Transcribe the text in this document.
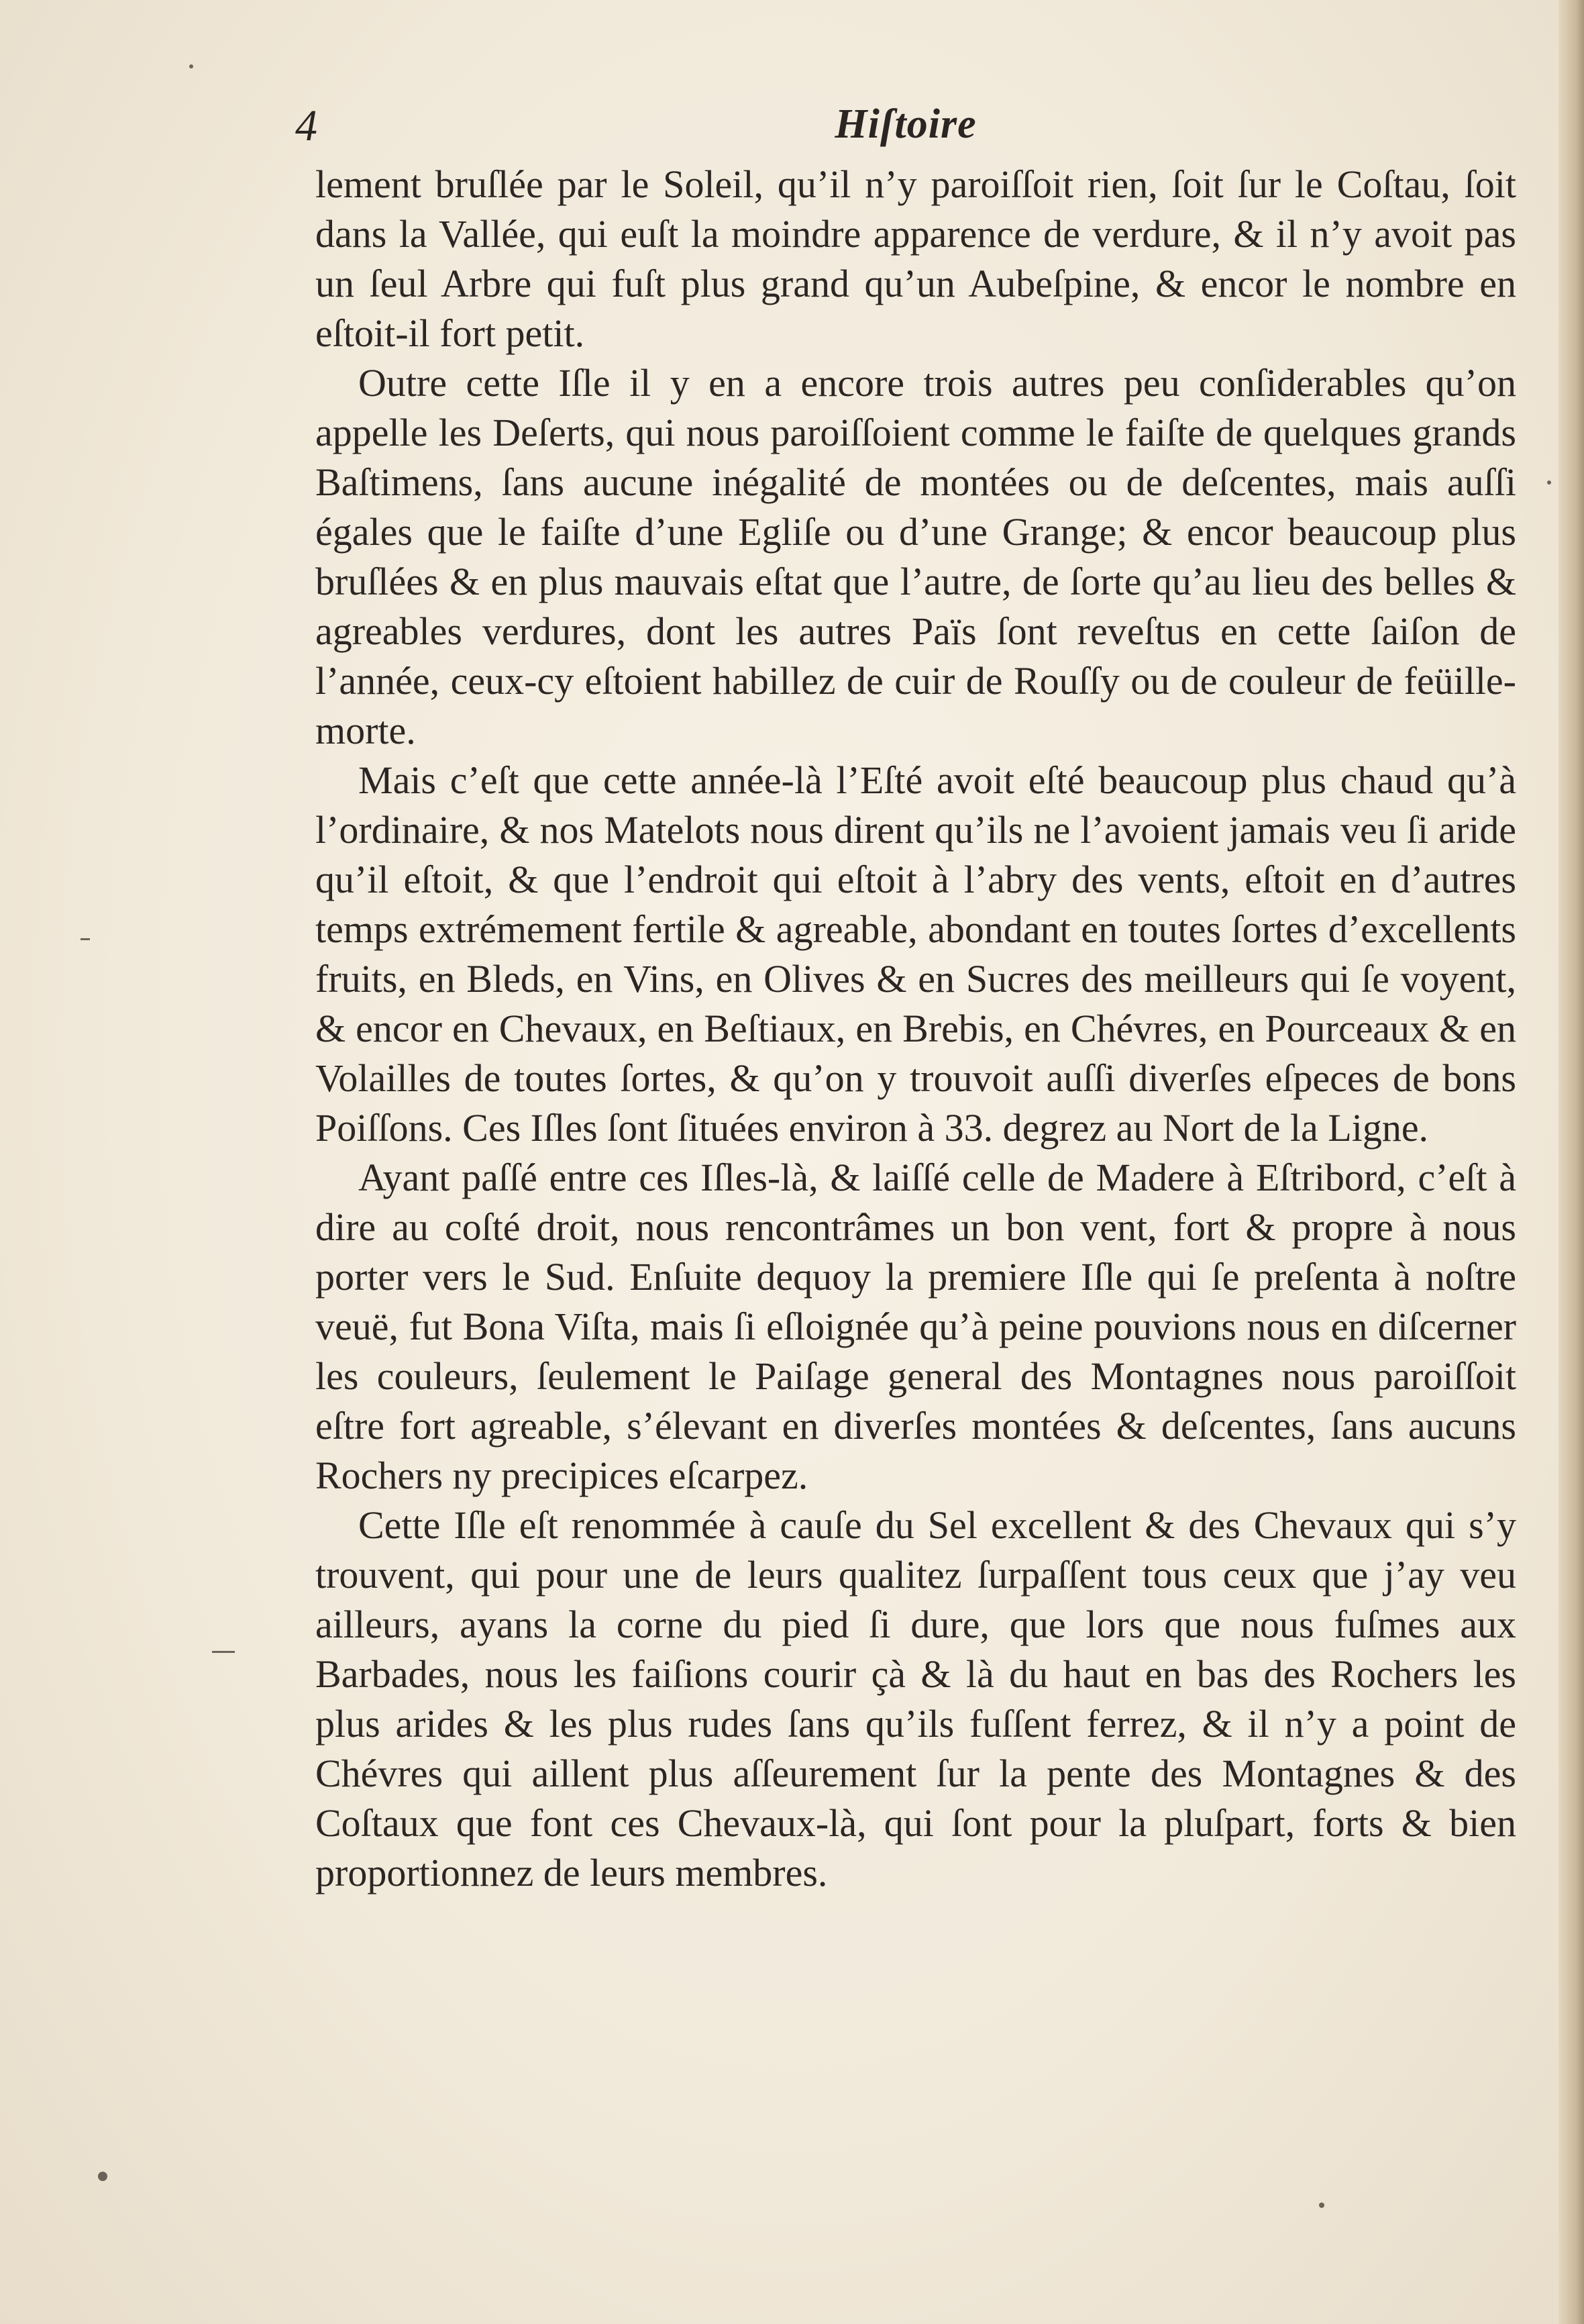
4	Hiſtoire

lement bruſlée par le Soleil, qu’il n’y paroiſſoit rien, ſoit ſur le Coſtau, ſoit dans la Vallée, qui euſt la moindre apparence de verdure, & il n’y avoit pas un ſeul Arbre qui fuſt plus grand qu’un Aubeſpine, & encor le nombre en eſtoit-il fort petit.

Outre cette Iſle il y en a encore trois autres peu conſiderables qu’on appelle les Deſerts, qui nous paroiſſoient comme le faiſte de quelques grands Baſtimens, ſans aucune inégalité de montées ou de deſcentes, mais auſſi égales que le faiſte d’une Egliſe ou d’une Grange; & encor beaucoup plus bruſlées & en plus mauvais eſtat que l’autre, de ſorte qu’au lieu des belles & agreables verdures, dont les autres Païs ſont reveſtus en cette ſaiſon de l’année, ceux-cy eſtoient habillez de cuir de Rouſſy ou de couleur de feüille-morte.

Mais c’eſt que cette année-là l’Eſté avoit eſté beaucoup plus chaud qu’à l’ordinaire, & nos Matelots nous dirent qu’ils ne l’avoient jamais veu ſi aride qu’il eſtoit, & que l’endroit qui eſtoit à l’abry des vents, eſtoit en d’autres temps extrémement fertile & agreable, abondant en toutes ſortes d’excellents fruits, en Bleds, en Vins, en Olives & en Sucres des meilleurs qui ſe voyent, & encor en Chevaux, en Beſtiaux, en Brebis, en Chévres, en Pourceaux & en Volailles de toutes ſortes, & qu’on y trouvoit auſſi diverſes eſpeces de bons Poiſſons. Ces Iſles ſont ſituées environ à 33. degrez au Nort de la Ligne.

Ayant paſſé entre ces Iſles-là, & laiſſé celle de Madere à Eſtribord, c’eſt à dire au coſté droit, nous rencontrâmes un bon vent, fort & propre à nous porter vers le Sud. Enſuite dequoy la premiere Iſle qui ſe preſenta à noſtre veuë, fut Bona Viſta, mais ſi eſloignée qu’à peine pouvions nous en diſcerner les couleurs, ſeulement le Paiſage general des Montagnes nous paroiſſoit eſtre fort agreable, s’élevant en diverſes montées & deſcentes, ſans aucuns Rochers ny precipices eſcarpez.

Cette Iſle eſt renommée à cauſe du Sel excellent & des Chevaux qui s’y trouvent, qui pour une de leurs qualitez ſurpaſſent tous ceux que j’ay veu ailleurs, ayans la corne du pied ſi dure, que lors que nous fuſmes aux Barbades, nous les faiſions courir çà & là du haut en bas des Rochers les plus arides & les plus rudes ſans qu’ils fuſſent ferrez, & il n’y a point de Chévres qui aillent plus aſſeurement ſur la pente des Montagnes & des Coſtaux que font ces Chevaux-là, qui ſont pour la pluſpart, forts & bien proportionnez de leurs membres.
